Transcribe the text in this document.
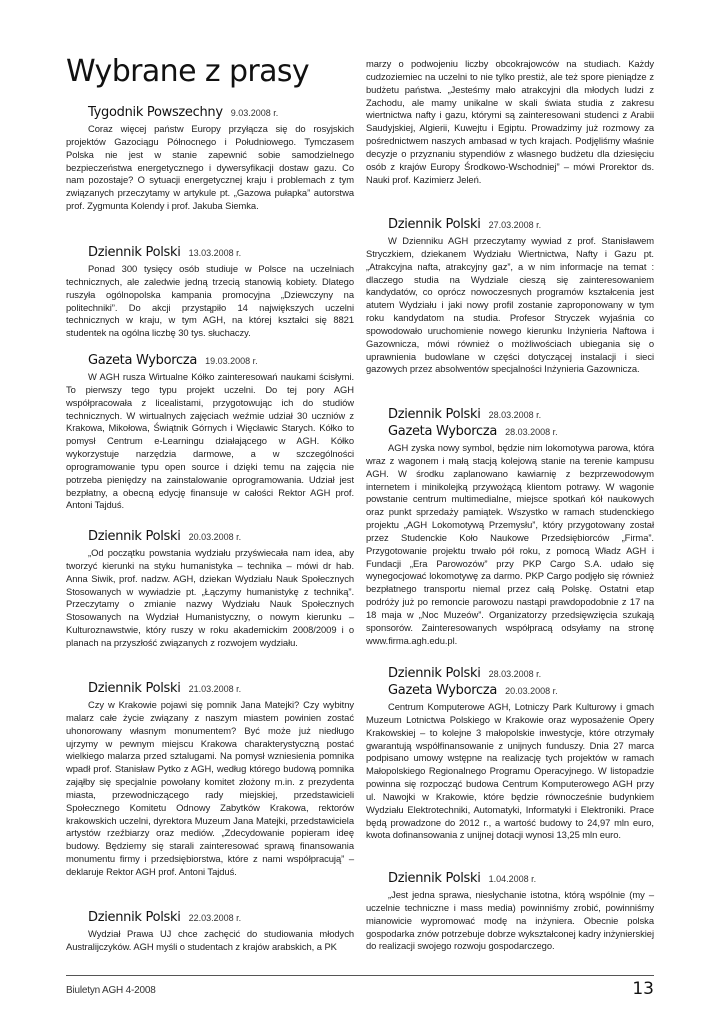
Wybrane z prasy
Tygodnik Powszechny 9.03.2008 r.

Coraz więcej państw Europy przyłącza się do rosyjskich projektów Gazociągu Północnego i Południowego. Tymczasem Polska nie jest w stanie zapewnić sobie samodzielnego bezpieczeństwa energetycznego i dywersyfikacji dostaw gazu. Co nam pozostaje? O sytuacji energetycznej kraju i problemach z tym związanych przeczytamy w artykule pt. „Gazowa pułapka” autorstwa prof. Zygmunta Kolendy i prof. Jakuba Siemka.

Dziennik Polski 13.03.2008 r.

Ponad 300 tysięcy osób studiuje w Polsce na uczelniach technicznych, ale zaledwie jedną trzecią stanowią kobiety. Dlatego ruszyła ogólnopolska kampania promocyjna „Dziewczyny na politechniki”. Do akcji przystąpiło 14 największych uczelni technicznych w kraju, w tym AGH, na której kształci się 8821 studentek na ogólna liczbę 30 tys. słuchaczy.

Gazeta Wyborcza 19.03.2008 r.

W AGH rusza Wirtualne Kółko zainteresowań naukami ścisłymi. To pierwszy tego typu projekt uczelni. Do tej pory AGH współpracowała z licealistami, przygotowując ich do studiów technicznych. W wirtualnych zajęciach weźmie udział 30 uczniów z Krakowa, Mikołowa, Świątnik Górnych i Więcławic Starych. Kółko to pomysł Centrum e-Learningu działającego w AGH. Kółko wykorzystuje narzędzia darmowe, a w szczególności oprogramowanie typu open source i dzięki temu na zajęcia nie potrzeba pieniędzy na zainstalowanie oprogramowania. Udział jest bezpłatny, a obecną edycję finansuje w całości Rektor AGH prof. Antoni Tajduś.

Dziennik Polski 20.03.2008 r.

„Od początku powstania wydziału przyświecała nam idea, aby tworzyć kierunki na styku humanistyka – technika – mówi dr hab. Anna Siwik, prof. nadzw. AGH, dziekan Wydziału Nauk Społecznych Stosowanych w wywiadzie pt. „Łączymy humanistykę z techniką”. Przeczytamy o zmianie nazwy Wydziału Nauk Społecznych Stosowanych na Wydział Humanistyczny, o nowym kierunku – Kulturoznawstwie, który ruszy w roku akademickim 2008/2009 i o planach na przyszłość związanych z rozwojem wydziału.

Dziennik Polski 21.03.2008 r.

Czy w Krakowie pojawi się pomnik Jana Matejki? Czy wybitny malarz całe życie związany z naszym miastem powinien zostać uhonorowany własnym monumentem? Być może już niedługo ujrzymy w pewnym miejscu Krakowa charakterystyczną postać wielkiego malarza przed sztalugami. Na pomysł wzniesienia pomnika wpadł prof. Stanisław Pytko z AGH, według którego budową pomnika zająłby się specjalnie powołany komitet złożony m.in. z prezydenta miasta, przewodniczącego rady miejskiej, przedstawicieli Społecznego Komitetu Odnowy Zabytków Krakowa, rektorów krakowskich uczelni, dyrektora Muzeum Jana Matejki, przedstawiciela artystów rzeźbiarzy oraz mediów. „Zdecydowanie popieram ideę budowy. Będziemy się starali zainteresować sprawą finansowania monumentu firmy i przedsiębiorstwa, które z nami współpracują” – deklaruje Rektor AGH prof. Antoni Tajduś.

Dziennik Polski 22.03.2008 r.

Wydział Prawa UJ chce zachęcić do studiowania młodych Australijczyków. AGH myśli o studentach z krajów arabskich, a PK

marzy o podwojeniu liczby obcokrajowców na studiach. Każdy cudzoziemiec na uczelni to nie tylko prestiż, ale też spore pieniądze z budżetu państwa. „Jesteśmy mało atrakcyjni dla młodych ludzi z Zachodu, ale mamy unikalne w skali świata studia z zakresu wiertnictwa nafty i gazu, którymi są zainteresowani studenci z Arabii Saudyjskiej, Algierii, Kuwejtu i Egiptu. Prowadzimy już rozmowy za pośrednictwem naszych ambasad w tych krajach. Podjęliśmy właśnie decyzje o przyznaniu stypendiów z własnego budżetu dla dziesięciu osób z krajów Europy Środkowo-Wschodniej” – mówi Prorektor ds. Nauki prof. Kazimierz Jeleń.

Dziennik Polski 27.03.2008 r.

W Dzienniku AGH przeczytamy wywiad z prof. Stanisławem Stryczkiem, dziekanem Wydziału Wiertnictwa, Nafty i Gazu pt. „Atrakcyjna nafta, atrakcyjny gaz”, a w nim informacje na temat : dlaczego studia na Wydziale cieszą się zainteresowaniem kandydatów, co oprócz nowoczesnych programów kształcenia jest atutem Wydziału i jaki nowy profil zostanie zaproponowany w tym roku kandydatom na studia. Profesor Stryczek wyjaśnia co spowodowało uruchomienie nowego kierunku Inżynieria Naftowa i Gazownicza, mówi również o możliwościach ubiegania się o uprawnienia budowlane w części dotyczącej instalacji i sieci gazowych przez absolwentów specjalności Inżynieria Gazownicza.

Dziennik Polski 28.03.2008 r.
Gazeta Wyborcza 28.03.2008 r.

AGH zyska nowy symbol, będzie nim lokomotywa parowa, która wraz z wagonem i małą stacją kolejową stanie na terenie kampusu AGH. W środku zaplanowano kawiarnię z bezprzewodowym internetem i minikolejką przywożącą klientom potrawy. W wagonie powstanie centrum multimedialne, miejsce spotkań kół naukowych oraz punkt sprzedaży pamiątek. Wszystko w ramach studenckiego projektu „AGH Lokomotywą Przemysłu”, który przygotowany został przez Studenckie Koło Naukowe Przedsiębiorców „Firma”. Przygotowanie projektu trwało pół roku, z pomocą Władz AGH i Fundacji „Era Parowozów” przy PKP Cargo S.A. udało się wynegocjować lokomotywę za darmo. PKP Cargo podjęło się również bezpłatnego transportu niemal przez całą Polskę. Ostatni etap podróży już po remoncie parowozu nastąpi prawdopodobnie z 17 na 18 maja w „Noc Muzeów”. Organizatorzy przedsięwzięcia szukają sponsorów. Zainteresowanych współpracą odsyłamy na stronę www.firma.agh.edu.pl.

Dziennik Polski 28.03.2008 r.
Gazeta Wyborcza 20.03.2008 r.

Centrum Komputerowe AGH, Lotniczy Park Kulturowy i gmach Muzeum Lotnictwa Polskiego w Krakowie oraz wyposażenie Opery Krakowskiej – to kolejne 3 małopolskie inwestycje, które otrzymały gwarantują współfinansowanie z unijnych funduszy. Dnia 27 marca podpisano umowy wstępne na realizację tych projektów w ramach Małopolskiego Regionalnego Programu Operacyjnego. W listopadzie powinna się rozpocząć budowa Centrum Komputerowego AGH przy ul. Nawojki w Krakowie, które będzie równocześnie budynkiem Wydziału Elektrotechniki, Automatyki, Informatyki i Elektroniki. Prace będą prowadzone do 2012 r., a wartość budowy to 24,97 mln euro, kwota dofinansowania z unijnej dotacji wynosi 13,25 mln euro.

Dziennik Polski 1.04.2008 r.

„Jest jedna sprawa, niesłychanie istotna, którą wspólnie (my – uczelnie techniczne i mass media) powinniśmy zrobić, powinniśmy mianowicie wypromować modę na inżyniera. Obecnie polska gospodarka znów potrzebuje dobrze wykształconej kadry inżynierskiej do realizacji swojego rozwoju gospodarczego.

Biuletyn AGH 4-2008	13
